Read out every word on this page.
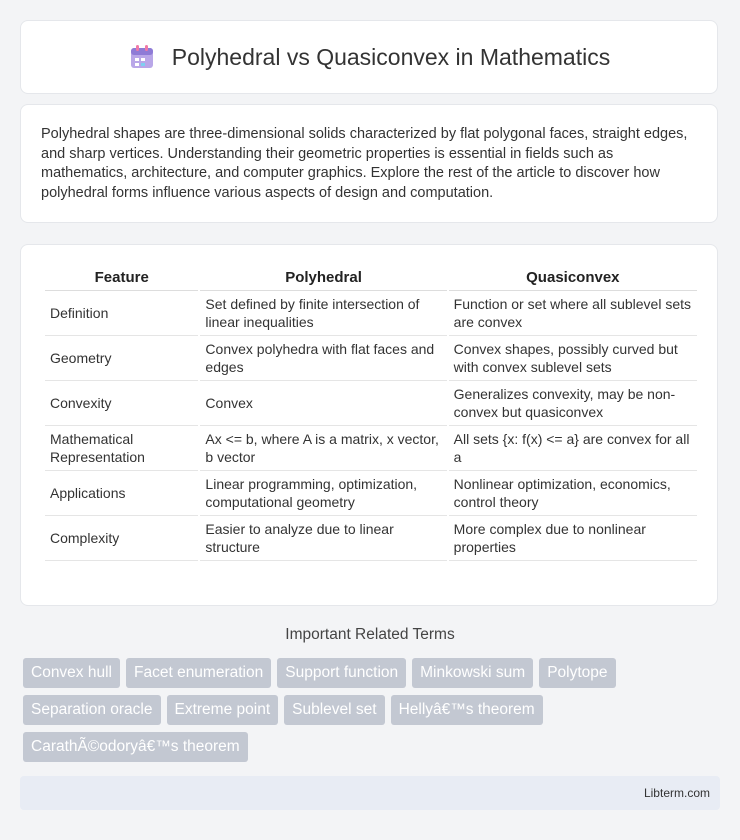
Polyhedral vs Quasiconvex in Mathematics

Polyhedral shapes are three-dimensional solids characterized by flat polygonal faces, straight edges, and sharp vertices. Understanding their geometric properties is essential in fields such as mathematics, architecture, and computer graphics. Explore the rest of the article to discover how polyhedral forms influence various aspects of design and computation.

Feature	Polyhedral	Quasiconvex
Definition	Set defined by finite intersection of linear inequalities	Function or set where all sublevel sets are convex
Geometry	Convex polyhedra with flat faces and edges	Convex shapes, possibly curved but with convex sublevel sets
Convexity	Convex	Generalizes convexity, may be non-convex but quasiconvex
Mathematical Representation	Ax <= b, where A is a matrix, x vector, b vector	All sets {x: f(x) <= a} are convex for all a
Applications	Linear programming, optimization, computational geometry	Nonlinear optimization, economics, control theory
Complexity	Easier to analyze due to linear structure	More complex due to nonlinear properties
Important Related Terms
Convex hull	Facet enumeration	Support function	Minkowski sum	Polytope
Separation oracle	Extreme point	Sublevel set	Hellyâ€™s theorem
CarathÃ©odoryâ€™s theorem
Libterm.com
